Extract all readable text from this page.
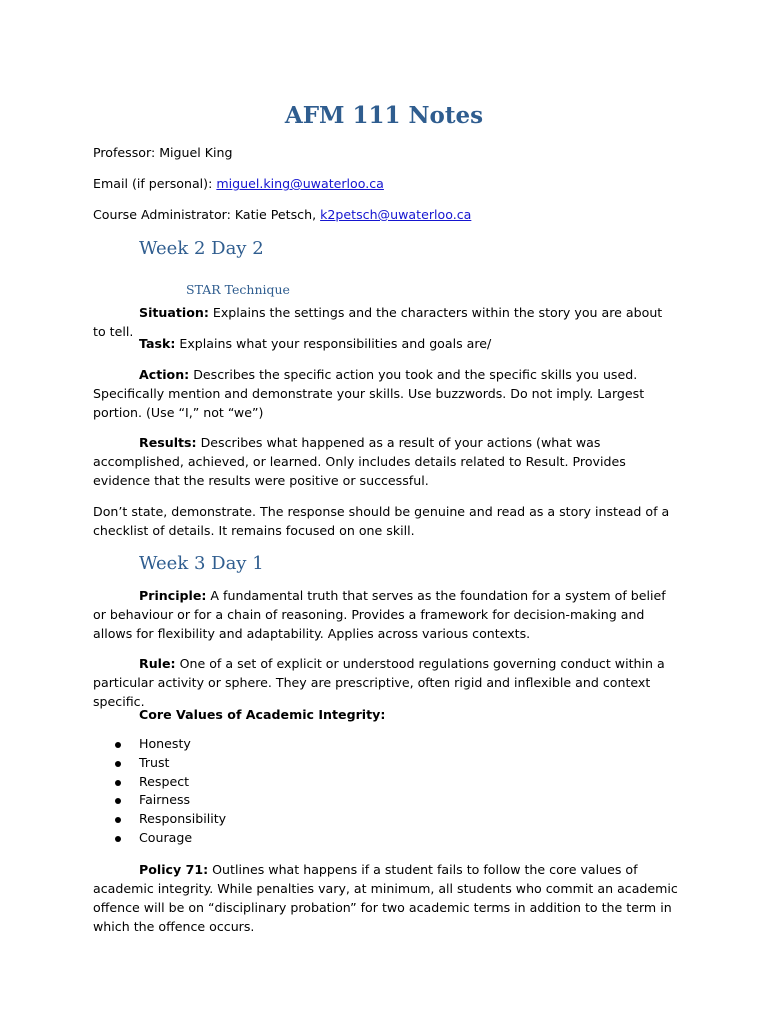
AFM 111 Notes
Professor: Miguel King
Email (if personal): miguel.king@uwaterloo.ca
Course Administrator: Katie Petsch, k2petsch@uwaterloo.ca
Week 2 Day 2
STAR Technique
Situation: Explains the settings and the characters within the story you are about to tell.
Task: Explains what your responsibilities and goals are/
Action: Describes the specific action you took and the specific skills you used. Specifically mention and demonstrate your skills. Use buzzwords. Do not imply. Largest portion. (Use “I,” not “we”)
Results: Describes what happened as a result of your actions (what was accomplished, achieved, or learned. Only includes details related to Result. Provides evidence that the results were positive or successful.
Don’t state, demonstrate. The response should be genuine and read as a story instead of a checklist of details. It remains focused on one skill.
Week 3 Day 1
Principle: A fundamental truth that serves as the foundation for a system of belief or behaviour or for a chain of reasoning. Provides a framework for decision-making and allows for flexibility and adaptability. Applies across various contexts.
Rule: One of a set of explicit or understood regulations governing conduct within a particular activity or sphere. They are prescriptive, often rigid and inflexible and context specific.
Core Values of Academic Integrity:
Honesty
Trust
Respect
Fairness
Responsibility
Courage
Policy 71: Outlines what happens if a student fails to follow the core values of academic integrity. While penalties vary, at minimum, all students who commit an academic offence will be on “disciplinary probation” for two academic terms in addition to the term in which the offence occurs.
